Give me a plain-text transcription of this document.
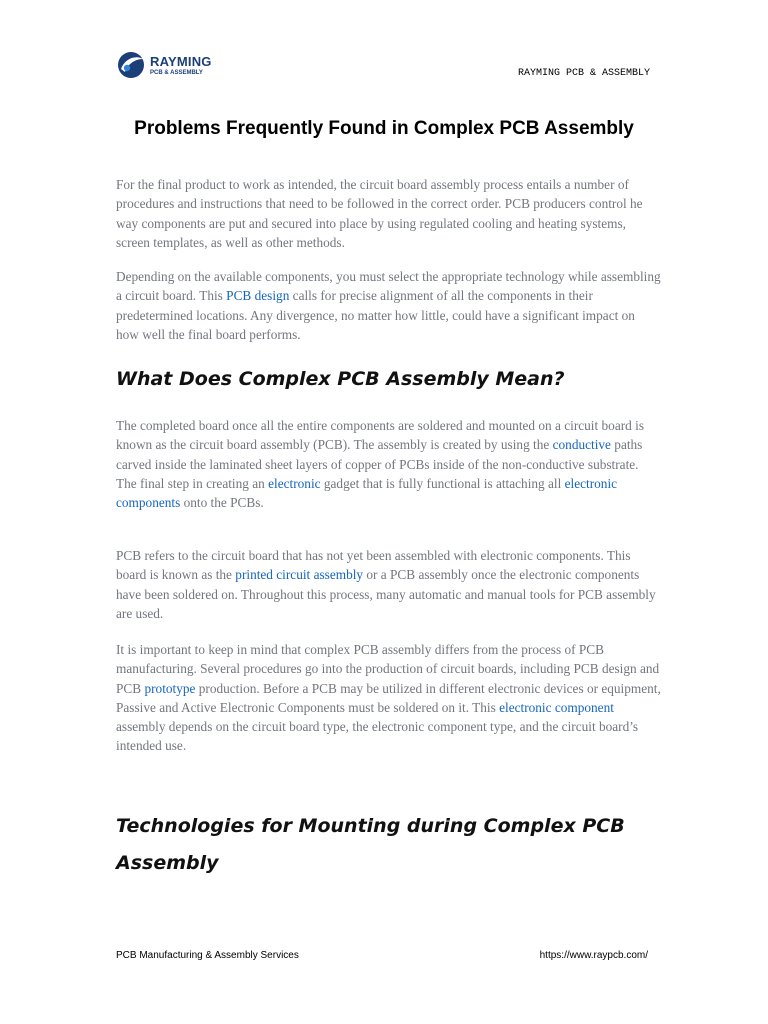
RAYMING
PCB & ASSEMBLY	RAYMING PCB & ASSEMBLY
Problems Frequently Found in Complex PCB Assembly

For the final product to work as intended, the circuit board assembly process entails a number of procedures and instructions that need to be followed in the correct order. PCB producers control he way components are put and secured into place by using regulated cooling and heating systems, screen templates, as well as other methods.

Depending on the available components, you must select the appropriate technology while assembling a circuit board. This PCB design calls for precise alignment of all the components in their predetermined locations. Any divergence, no matter how little, could have a significant impact on how well the final board performs.

What Does Complex PCB Assembly Mean?

The completed board once all the entire components are soldered and mounted on a circuit board is known as the circuit board assembly (PCB). The assembly is created by using the conductive paths carved inside the laminated sheet layers of copper of PCBs inside of the non-conductive substrate. The final step in creating an electronic gadget that is fully functional is attaching all electronic components onto the PCBs.

PCB refers to the circuit board that has not yet been assembled with electronic components. This board is known as the printed circuit assembly or a PCB assembly once the electronic components have been soldered on. Throughout this process, many automatic and manual tools for PCB assembly are used.

It is important to keep in mind that complex PCB assembly differs from the process of PCB manufacturing. Several procedures go into the production of circuit boards, including PCB design and PCB prototype production. Before a PCB may be utilized in different electronic devices or equipment, Passive and Active Electronic Components must be soldered on it. This electronic component assembly depends on the circuit board type, the electronic component type, and the circuit board’s intended use.

Technologies for Mounting during Complex PCB Assembly
PCB Manufacturing & Assembly Services	https://www.raypcb.com/
